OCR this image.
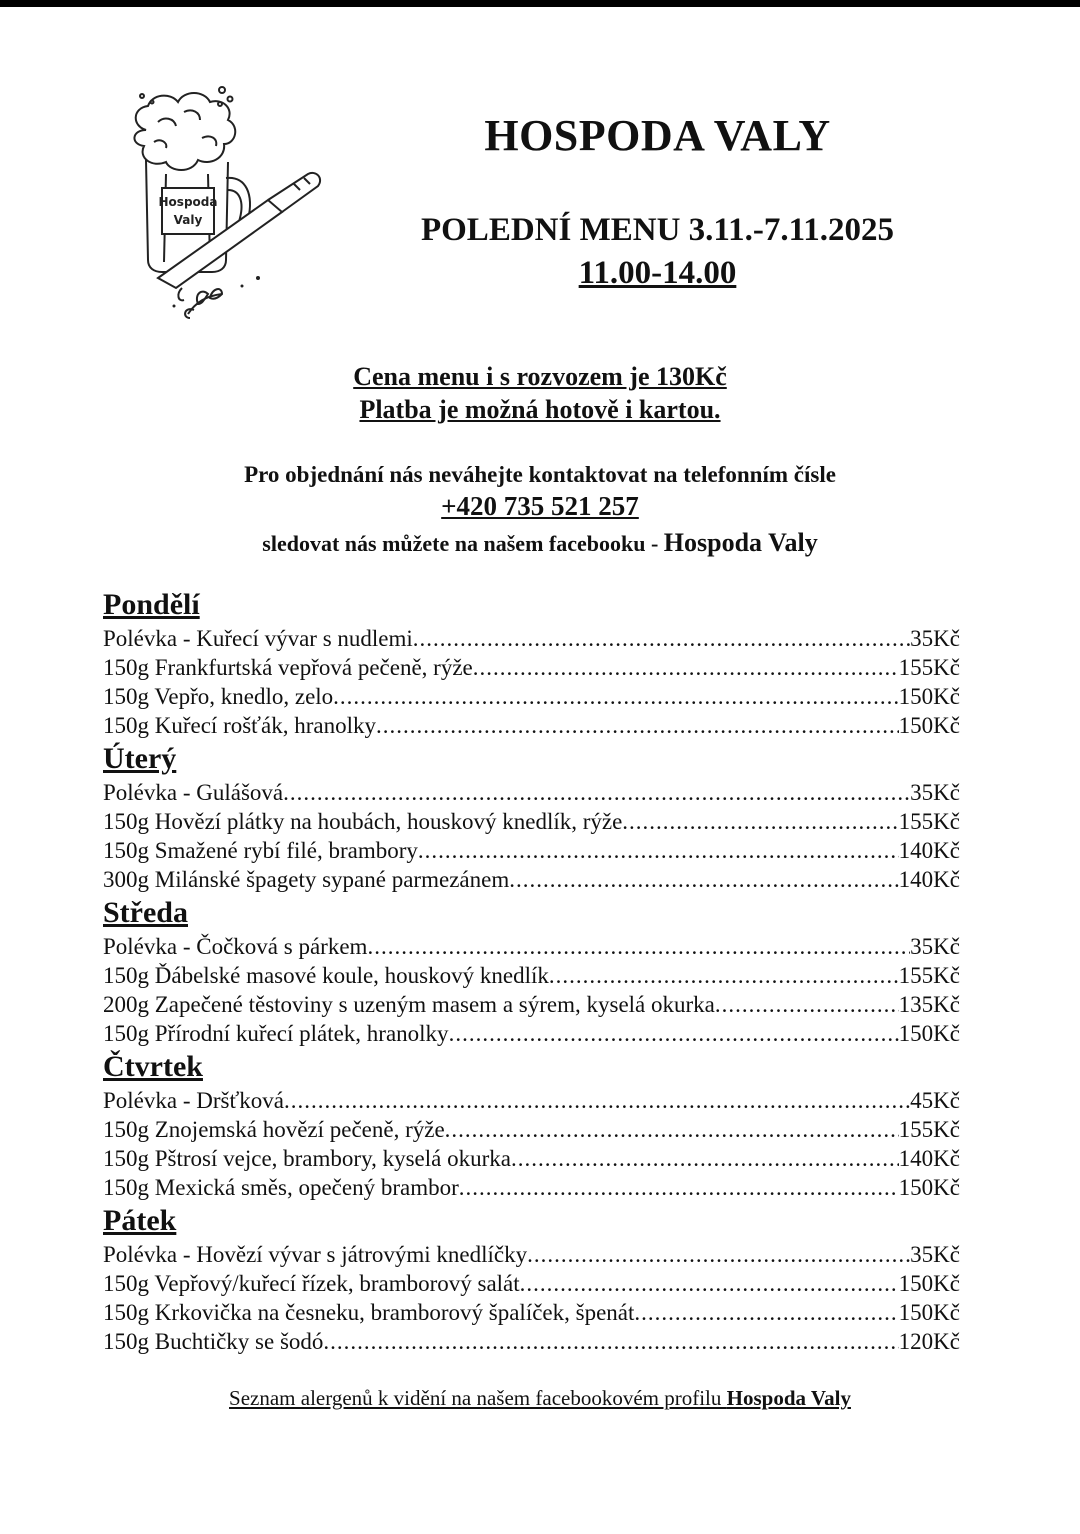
Hospoda
Valy
HOSPODA VALY
POLEDNÍ MENU 3.11.-7.11.2025
11.00-14.00
Cena menu i s rozvozem je 130Kč
Platba je možná hotově i kartou.
Pro objednání nás neváhejte kontaktovat na telefonním čísle
+420 735 521 257
sledovat nás můžete na našem facebooku - Hospoda Valy
Pondělí
Polévka - Kuřecí vývar s nudlemi .....	35Kč
150g Frankfurtská vepřová pečeně, rýže .....	155Kč
150g Vepřo, knedlo, zelo .....	150Kč
150g Kuřecí rošťák, hranolky .....	150Kč
Úterý
Polévka - Gulášová .....	35Kč
150g Hovězí plátky na houbách, houskový knedlík, rýže .....	155Kč
150g Smažené rybí filé, brambory .....	140Kč
300g Milánské špagety sypané parmezánem .....	140Kč
Středa
Polévka - Čočková s párkem .....	35Kč
150g Ďábelské masové koule, houskový knedlík .....	155Kč
200g Zapečené těstoviny s uzeným masem a sýrem, kyselá okurka .....	135Kč
150g Přírodní kuřecí plátek, hranolky .....	150Kč
Čtvrtek
Polévka - Dršťková .....	45Kč
150g Znojemská hovězí pečeně, rýže .....	155Kč
150g Pštrosí vejce, brambory, kyselá okurka .....	140Kč
150g Mexická směs, opečený brambor .....	150Kč
Pátek
Polévka - Hovězí vývar s játrovými knedlíčky .....	35Kč
150g Vepřový/kuřecí řízek, bramborový salát .....	150Kč
150g Krkovička na česneku, bramborový špalíček, špenát .....	150Kč
150g Buchtičky se šodó .....	120Kč
Seznam alergenů k vidění na našem facebookovém profilu Hospoda Valy
